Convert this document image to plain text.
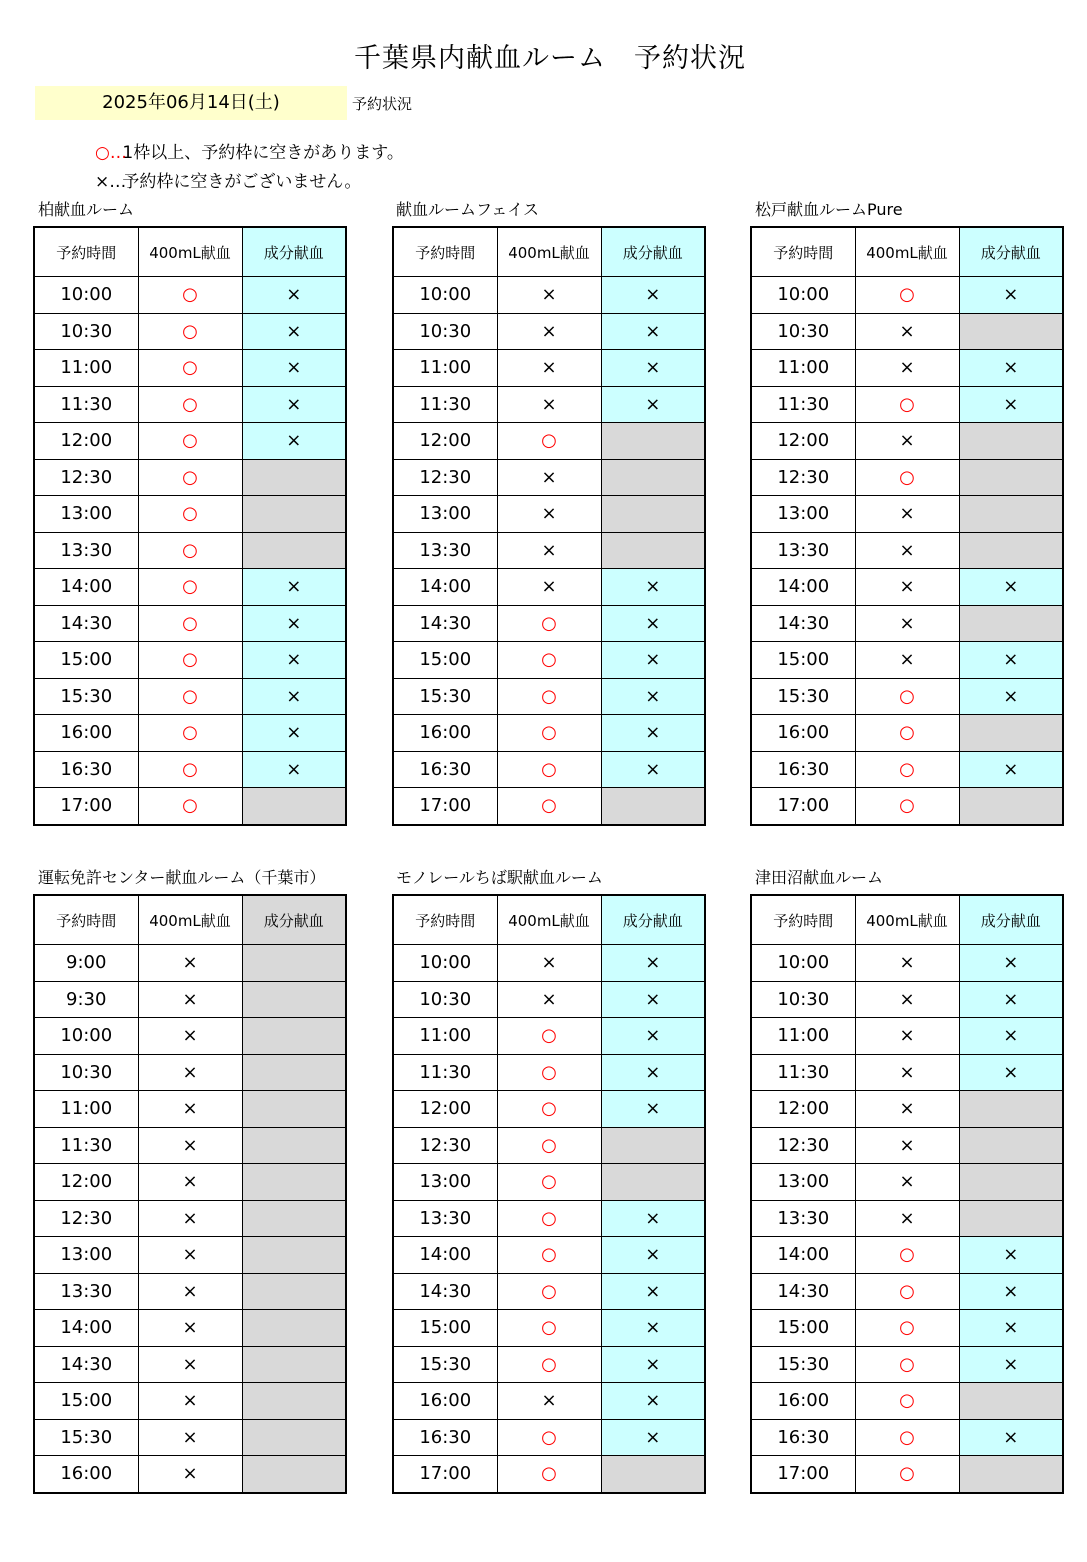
千葉県内献血ルーム　予約状況
2025年06月14日(土)	予約状況
○… 1枠以上、予約枠に空きがあります。
×… 予約枠に空きがございません。
柏献血ルーム
予約時間	400mL献血	成分献血
10:00	○	×
10:30	○	×
11:00	○	×
11:30	○	×
12:00	○	×
12:30	○	
13:00	○	
13:30	○	
14:00	○	×
14:30	○	×
15:00	○	×
15:30	○	×
16:00	○	×
16:30	○	×
17:00	○	
献血ルームフェイス
予約時間	400mL献血	成分献血
10:00	×	×
10:30	×	×
11:00	×	×
11:30	×	×
12:00	○	
12:30	×	
13:00	×	
13:30	×	
14:00	×	×
14:30	○	×
15:00	○	×
15:30	○	×
16:00	○	×
16:30	○	×
17:00	○	
松戸献血ルームPure
予約時間	400mL献血	成分献血
10:00	○	×
10:30	×	
11:00	×	×
11:30	○	×
12:00	×	
12:30	○	
13:00	×	
13:30	×	
14:00	×	×
14:30	×	
15:00	×	×
15:30	○	×
16:00	○	
16:30	○	×
17:00	○	
運転免許センター献血ルーム（千葉市）
予約時間	400mL献血	成分献血
9:00	×	
9:30	×	
10:00	×	
10:30	×	
11:00	×	
11:30	×	
12:00	×	
12:30	×	
13:00	×	
13:30	×	
14:00	×	
14:30	×	
15:00	×	
15:30	×	
16:00	×	
モノレールちば駅献血ルーム
予約時間	400mL献血	成分献血
10:00	×	×
10:30	×	×
11:00	○	×
11:30	○	×
12:00	○	×
12:30	○	
13:00	○	
13:30	○	×
14:00	○	×
14:30	○	×
15:00	○	×
15:30	○	×
16:00	×	×
16:30	○	×
17:00	○	
津田沼献血ルーム
予約時間	400mL献血	成分献血
10:00	×	×
10:30	×	×
11:00	×	×
11:30	×	×
12:00	×	
12:30	×	
13:00	×	
13:30	×	
14:00	○	×
14:30	○	×
15:00	○	×
15:30	○	×
16:00	○	
16:30	○	×
17:00	○	
